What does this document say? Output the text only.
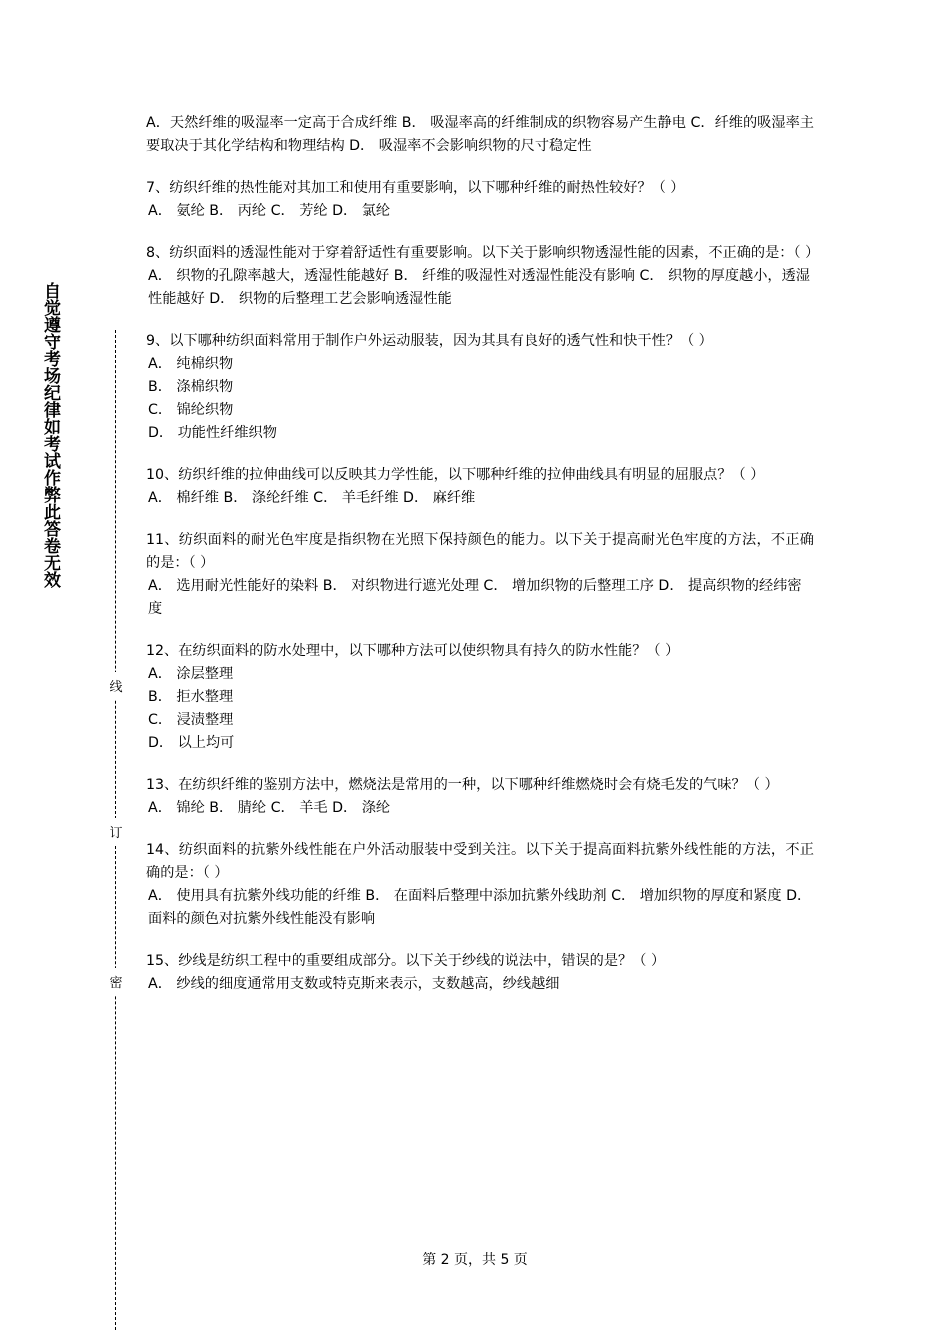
自觉遵守考场纪律如考试作弊此答卷无效
线
订
密

A．天然纤维的吸湿率一定高于合成纤维 B． 吸湿率高的纤维制成的织物容易产生静电 C．纤维的吸湿率主要取决于其化学结构和物理结构 D． 吸湿率不会影响织物的尺寸稳定性

7、纺织纤维的热性能对其加工和使用有重要影响，以下哪种纤维的耐热性较好？（ ）

A． 氨纶 B． 丙纶 C． 芳纶 D． 氯纶

8、纺织面料的透湿性能对于穿着舒适性有重要影响。以下关于影响织物透湿性能的因素，不正确的是：（ ）

A． 织物的孔隙率越大，透湿性能越好 B． 纤维的吸湿性对透湿性能没有影响 C． 织物的厚度越小，透湿性能越好 D． 织物的后整理工艺会影响透湿性能

9、以下哪种纺织面料常用于制作户外运动服装，因为其具有良好的透气性和快干性？（ ）

A． 纯棉织物

B． 涤棉织物

C． 锦纶织物

D． 功能性纤维织物

10、纺织纤维的拉伸曲线可以反映其力学性能，以下哪种纤维的拉伸曲线具有明显的屈服点？（ ）

A． 棉纤维 B． 涤纶纤维 C． 羊毛纤维 D． 麻纤维

11、纺织面料的耐光色牢度是指织物在光照下保持颜色的能力。以下关于提高耐光色牢度的方法，不正确的是：（ ）

A． 选用耐光性能好的染料 B． 对织物进行遮光处理 C． 增加织物的后整理工序 D． 提高织物的经纬密度

12、在纺织面料的防水处理中，以下哪种方法可以使织物具有持久的防水性能？（ ）

A． 涂层整理

B． 拒水整理

C． 浸渍整理

D． 以上均可

13、在纺织纤维的鉴别方法中，燃烧法是常用的一种，以下哪种纤维燃烧时会有烧毛发的气味？（ ）

A． 锦纶 B． 腈纶 C． 羊毛 D． 涤纶

14、纺织面料的抗紫外线性能在户外活动服装中受到关注。以下关于提高面料抗紫外线性能的方法，不正确的是：（ ）

A． 使用具有抗紫外线功能的纤维 B． 在面料后整理中添加抗紫外线助剂 C． 增加织物的厚度和紧度 D． 面料的颜色对抗紫外线性能没有影响

15、纱线是纺织工程中的重要组成部分。以下关于纱线的说法中，错误的是？（ ）

A． 纱线的细度通常用支数或特克斯来表示，支数越高，纱线越细

第 2 页，共 5 页
